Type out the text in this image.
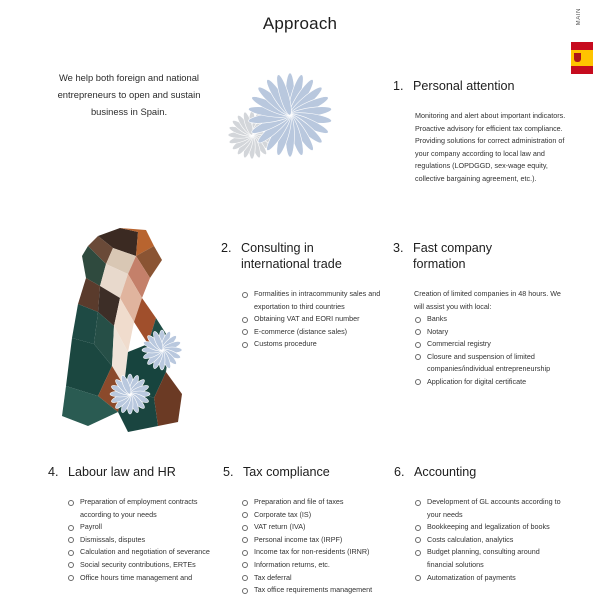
Approach	MAIN
We help both foreign and national entrepreneurs to open and sustain business in Spain.
1. Personal attention
Monitoring and alert about important indicators. Proactive advisory for efficient tax compliance. Providing solutions for correct administration of your company according to local law and regulations (LOPDGGD, sex-wage equity, collective bargaining agreement, etc.).
2. Consulting in
international trade
Formalities in intracommunity sales and exportation to third countries
Obtaining VAT and EORI number
E-commerce (distance sales)
Customs procedure
3. Fast company
formation
Creation of limited companies in 48 hours. We will assist you with local:
Banks
Notary
Commercial registry
Closure and suspension of limited companies/individual entrepreneurship
Application for digital certificate
4. Labour law and HR
Preparation of employment contracts according to your needs
Payroll
Dismissals, disputes
Calculation and negotiation of severance
Social security contributions, ERTEs
Office hours time management and
5. Tax compliance
Preparation and file of taxes
Corporate tax (IS)
VAT return (IVA)
Personal income tax (IRPF)
Income tax for non-residents (IRNR)
Information returns, etc.
Tax deferral
Tax office requirements management
6. Accounting
Development of GL accounts according to your needs
Bookkeeping and legalization of books
Costs calculation, analytics
Budget planning, consulting around financial solutions
Automatization of payments
